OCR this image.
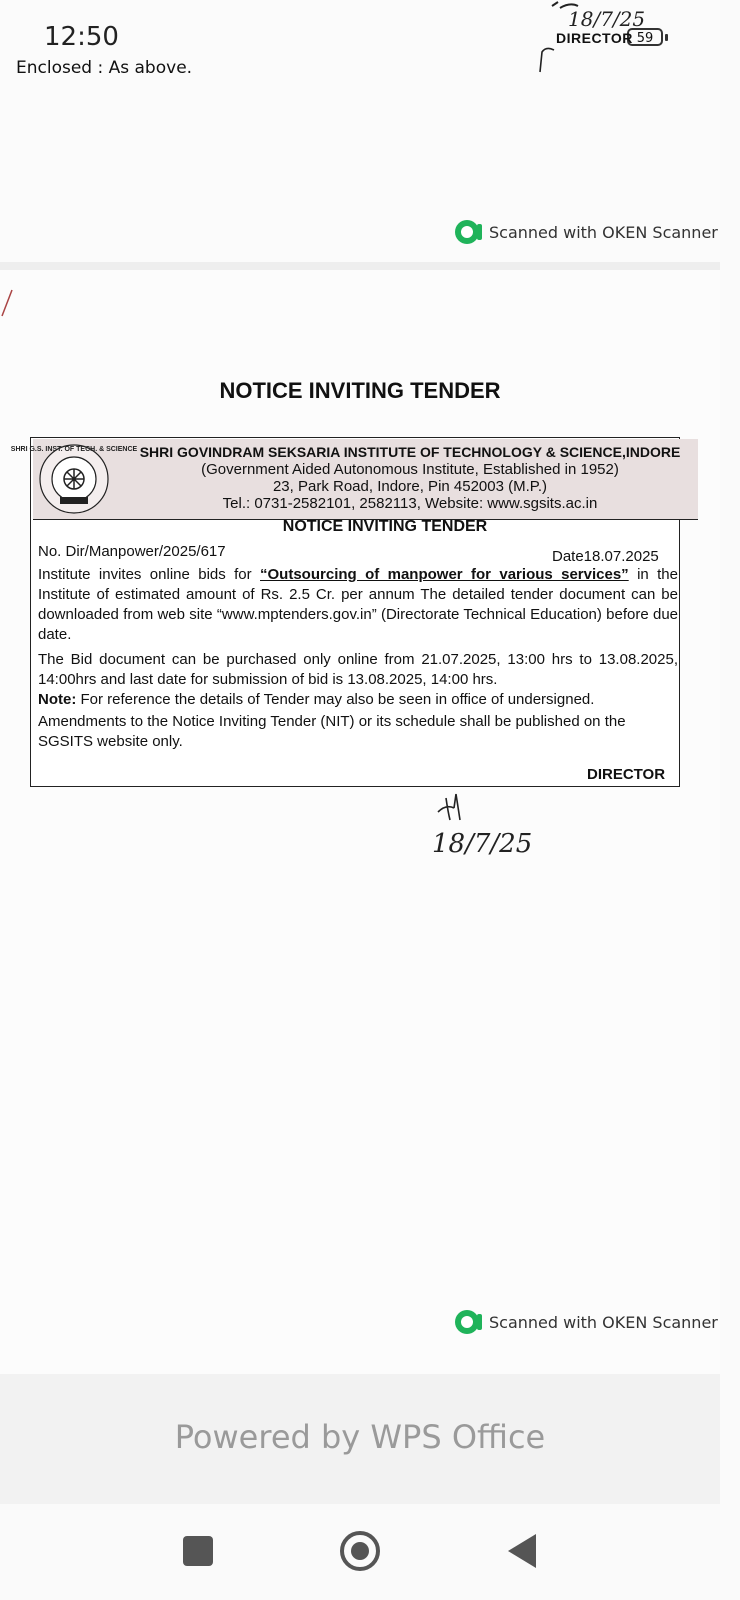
12:50	59
Enclosed : As above.
DIRECTOR
18/7/25
Scanned with OKEN Scanner
NOTICE INVITING TENDER
SHRI G.S. INST. OF TECH. & SCIENCE SHRI GOVINDRAM SEKSARIA INSTITUTE OF TECHNOLOGY & SCIENCE,INDORE
(Government Aided Autonomous Institute, Established in 1952)
23, Park Road, Indore, Pin 452003 (M.P.)
Tel.: 0731-2582101, 2582113, Website: www.sgsits.ac.in
NOTICE INVITING TENDER
No. Dir/Manpower/2025/617	Date18.07.2025
Institute invites online bids for “Outsourcing of manpower for various services” in the Institute of estimated amount of Rs. 2.5 Cr. per annum The detailed tender document can be downloaded from web site “www.mptenders.gov.in” (Directorate Technical Education) before due date.
The Bid document can be purchased only online from 21.07.2025, 13:00 hrs to 13.08.2025, 14:00hrs and last date for submission of bid is 13.08.2025, 14:00 hrs.
Note: For reference the details of Tender may also be seen in office of undersigned.
Amendments to the Notice Inviting Tender (NIT) or its schedule shall be published on the SGSITS website only.
DIRECTOR
18/7/25
Scanned with OKEN Scanner
Powered by WPS Office
